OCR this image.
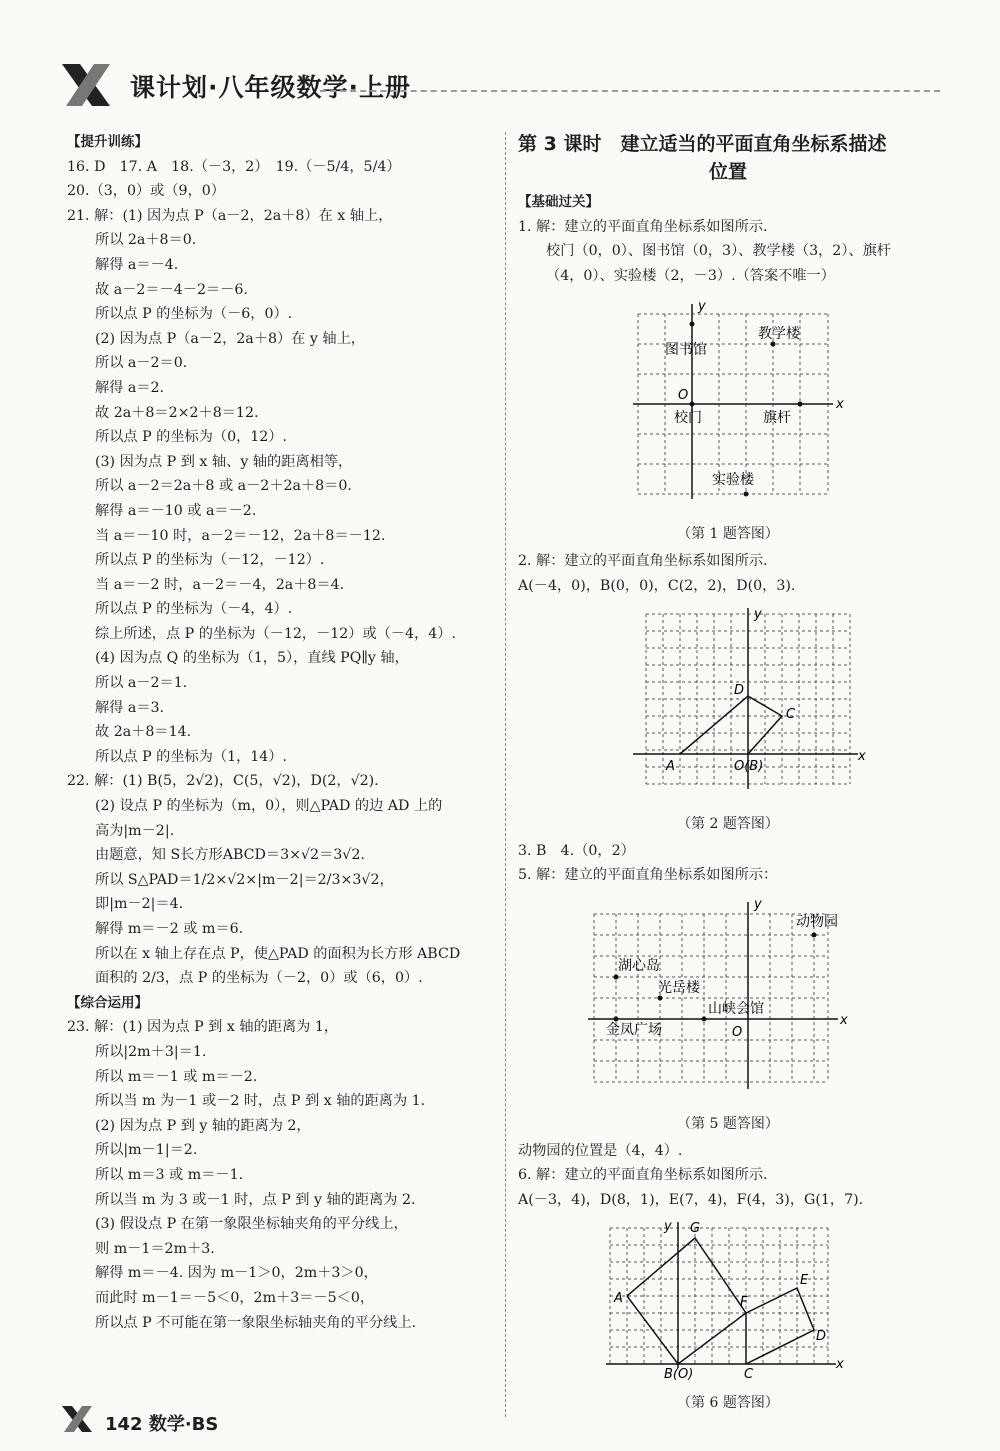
课计划·八年级数学·上册

【提升训练】

16. D　17. A　18.（－3，2）　19.（－5/4，5/4）

20.（3，0）或（9，0）

21. 解：(1) 因为点 P（a－2，2a＋8）在 x 轴上，

所以 2a＋8＝0.

解得 a＝－4.

故 a－2＝－4－2＝－6.

所以点 P 的坐标为（－6，0）.

(2) 因为点 P（a－2，2a＋8）在 y 轴上，

所以 a－2＝0.

解得 a＝2.

故 2a＋8＝2×2＋8＝12.

所以点 P 的坐标为（0，12）.

(3) 因为点 P 到 x 轴、y 轴的距离相等，

所以 a－2＝2a＋8 或 a－2＋2a＋8＝0.

解得 a＝－10 或 a＝－2.

当 a＝－10 时，a－2＝－12，2a＋8＝－12.

所以点 P 的坐标为（－12，－12）.

当 a＝－2 时，a－2＝－4，2a＋8＝4.

所以点 P 的坐标为（－4，4）.

综上所述，点 P 的坐标为（－12，－12）或（－4，4）.

(4) 因为点 Q 的坐标为（1，5），直线 PQ∥y 轴，

所以 a－2＝1.

解得 a＝3.

故 2a＋8＝14.

所以点 P 的坐标为（1，14）.

22. 解：(1) B(5，2√2)，C(5，√2)，D(2，√2).

(2) 设点 P 的坐标为（m，0），则△PAD 的边 AD 上的

高为|m－2|.

由题意，知 S长方形ABCD＝3×√2＝3√2.

所以 S△PAD＝1/2×√2×|m－2|＝2/3×3√2，

即|m－2|＝4.

解得 m＝－2 或 m＝6.

所以在 x 轴上存在点 P，使△PAD 的面积为长方形 ABCD

面积的 2/3，点 P 的坐标为（－2，0）或（6，0）.

【综合运用】

23. 解：(1) 因为点 P 到 x 轴的距离为 1，

所以|2m＋3|＝1.

所以 m＝－1 或 m＝－2.

所以当 m 为－1 或－2 时，点 P 到 x 轴的距离为 1.

(2) 因为点 P 到 y 轴的距离为 2，

所以|m－1|＝2.

所以 m＝3 或 m＝－1.

所以当 m 为 3 或－1 时，点 P 到 y 轴的距离为 2.

(3) 假设点 P 在第一象限坐标轴夹角的平分线上，

则 m－1＝2m＋3.

解得 m＝－4. 因为 m－1＞0，2m＋3＞0，

而此时 m－1＝－5＜0，2m＋3＝－5＜0，

所以点 P 不可能在第一象限坐标轴夹角的平分线上.

第 3 课时　建立适当的平面直角坐标系描述
位置

【基础过关】

1. 解：建立的平面直角坐标系如图所示.

校门（0，0）、图书馆（0，3）、教学楼（3，2）、旗杆

（4，0）、实验楼（2，－3）.（答案不唯一）

图书馆
教学楼
校门	旗杆
实验楼
O
x
y

（第 1 题答图）

2. 解：建立的平面直角坐标系如图所示.

A(－4，0)，B(0，0)，C(2，2)，D(0，3).

A	O(B)
C
D
x
y

（第 2 题答图）

3. B　4.（0，2）

5. 解：建立的平面直角坐标系如图所示：

动物园
湖心岛
光岳楼
山峡会馆
金凤广场	O
x
y

（第 5 题答图）

动物园的位置是（4，4）.

6. 解：建立的平面直角坐标系如图所示.

A(－3，4)，D(8，1)，E(7，4)，F(4，3)，G(1，7).

A
B(O)	C
G
F
E
D
x
y

（第 6 题答图）

142 数学·BS
